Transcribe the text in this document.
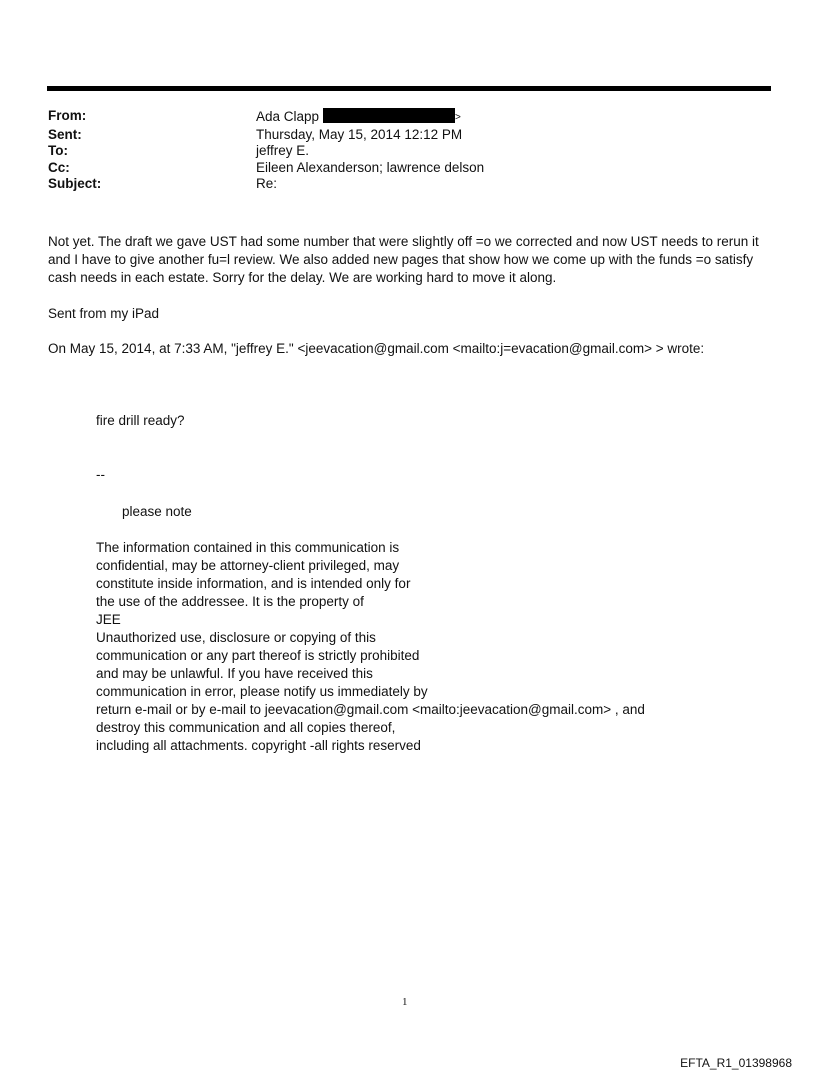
From:	Ada Clapp	>
Sent:	Thursday, May 15, 2014 12:12 PM
To:	jeffrey E.
Cc:	Eileen Alexanderson; lawrence delson
Subject:	Re:

Not yet. The draft we gave UST had some number that were slightly off =o we corrected and now UST needs to rerun it

and I have to give another fu=l review. We also added new pages that show how we come up with the funds =o satisfy

cash needs in each estate. Sorry for the delay. We are working hard to move it along.

Sent from my iPad

On May 15, 2014, at 7:33 AM, "jeffrey E." <jeevacation@gmail.com <mailto:j=evacation@gmail.com> > wrote:

fire drill ready?
--
please note
The information contained in this communication is
confidential, may be attorney-client privileged, may
constitute inside information, and is intended only for
the use of the addressee. It is the property of
JEE
Unauthorized use, disclosure or copying of this
communication or any part thereof is strictly prohibited
and may be unlawful. If you have received this
communication in error, please notify us immediately by
return e-mail or by e-mail to jeevacation@gmail.com <mailto:jeevacation@gmail.com> , and
destroy this communication and all copies thereof,
including all attachments. copyright -all rights reserved
1
EFTA_R1_01398968
